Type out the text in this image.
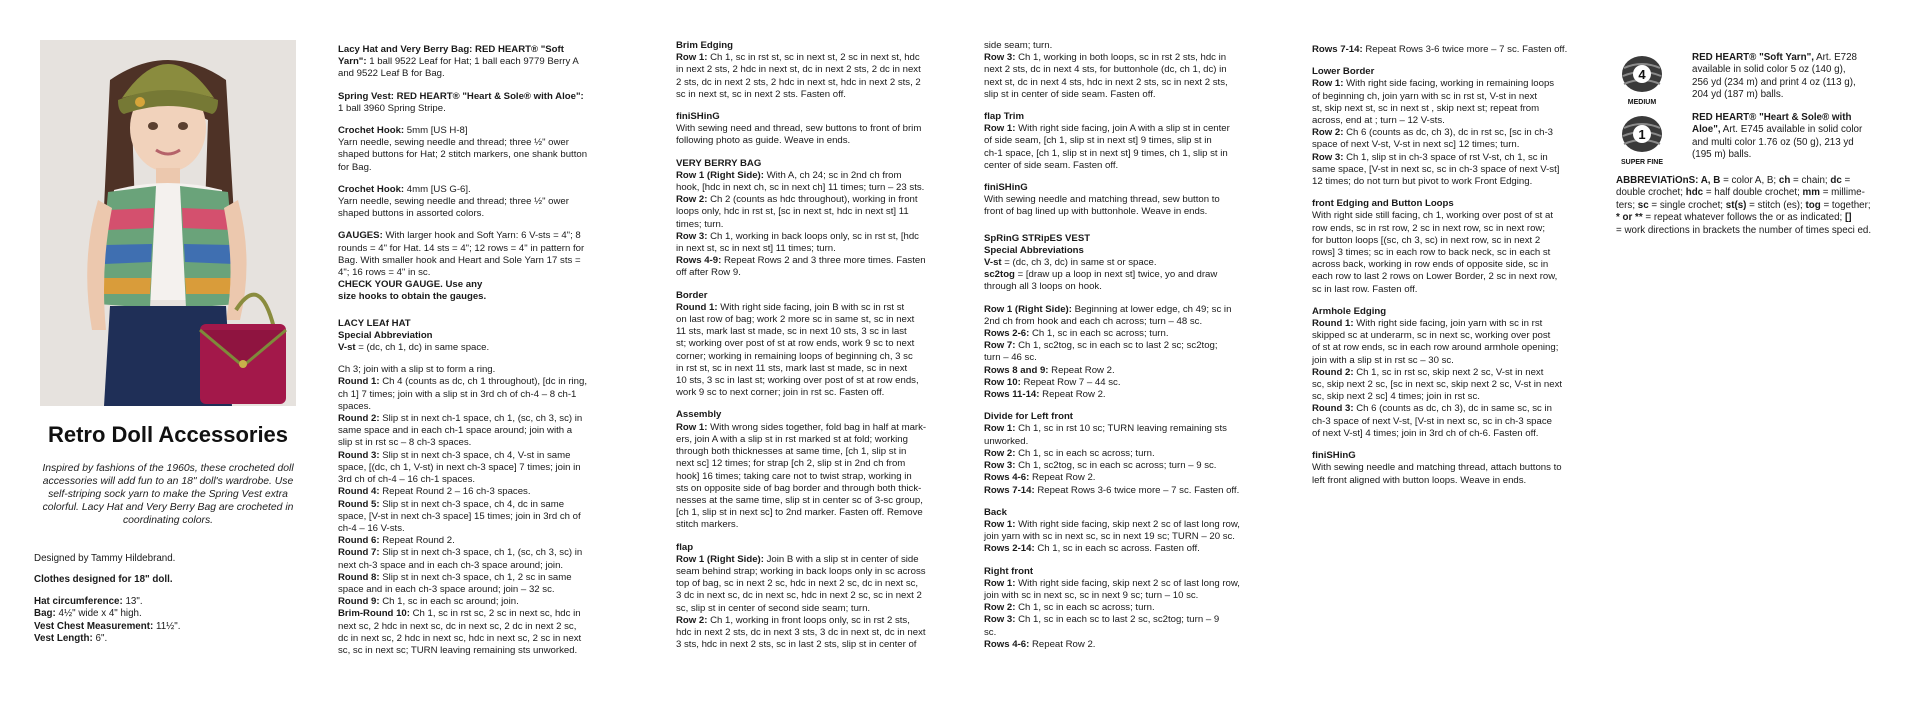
Retro Doll Accessories
Inspired by fashions of the 1960s, these crocheted doll accessories will add fun to an 18" doll's wardrobe. Use self-striping sock yarn to make the Spring Vest extra colorful. Lacy Hat and Very Berry Bag are crocheted in coordinating colors.

Designed by Tammy Hildebrand.

Clothes designed for 18" doll.

Hat circumference: 13".
Bag: 4½" wide x 4" high.
Vest Chest Measurement: 11½".
Vest Length: 6".
Lacy Hat and Very Berry Bag: RED HEART® "Soft
Yarn": 1 ball 9522 Leaf for Hat; 1 ball each 9779 Berry A
and 9522 Leaf B for Bag.
Spring Vest: RED HEART® "Heart & Sole® with Aloe":
1 ball 3960 Spring Stripe.
Crochet Hook: 5mm [US H-8]
Yarn needle, sewing needle and thread; three ½" ower
shaped buttons for Hat; 2 stitch markers, one shank button
for Bag.
Crochet Hook: 4mm [US G-6].
Yarn needle, sewing needle and thread; three ½" ower
shaped buttons in assorted colors.
GAUGES: With larger hook and Soft Yarn: 6 V-sts = 4"; 8
rounds = 4" for Hat. 14 sts = 4"; 12 rows = 4" in pattern for
Bag. With smaller hook and Heart and Sole Yarn 17 sts =
4"; 16 rows = 4" in sc.
CHECK YOUR GAUGE. Use any
size hooks to obtain the gauges.
LACY LEAf HAT
Special Abbreviation
V-st = (dc, ch 1, dc) in same space.
Ch 3; join with a slip st to form a ring.
Round 1: Ch 4 (counts as dc, ch 1 throughout), [dc in ring,
ch 1] 7 times; join with a slip st in 3rd ch of ch-4 – 8 ch-1
spaces.
Round 2: Slip st in next ch-1 space, ch 1, (sc, ch 3, sc) in
same space and in each ch-1 space around; join with a
slip st in rst sc – 8 ch-3 spaces.
Round 3: Slip st in next ch-3 space, ch 4, V-st in same
space, [(dc, ch 1, V-st) in next ch-3 space] 7 times; join in
3rd ch of ch-4 – 16 ch-1 spaces.
Round 4: Repeat Round 2 – 16 ch-3 spaces.
Round 5: Slip st in next ch-3 space, ch 4, dc in same
space, [V-st in next ch-3 space] 15 times; join in 3rd ch of
ch-4 – 16 V-sts.
Round 6: Repeat Round 2.
Round 7: Slip st in next ch-3 space, ch 1, (sc, ch 3, sc) in
next ch-3 space and in each ch-3 space around; join.
Round 8: Slip st in next ch-3 space, ch 1, 2 sc in same
space and in each ch-3 space around; join – 32 sc.
Round 9: Ch 1, sc in each sc around; join.
Brim-Round 10: Ch 1, sc in rst sc, 2 sc in next sc, hdc in
next sc, 2 hdc in next sc, dc in next sc, 2 dc in next 2 sc,
dc in next sc, 2 hdc in next sc, hdc in next sc, 2 sc in next
sc, sc in next sc; TURN leaving remaining sts unworked.
Brim Edging
Row 1: Ch 1, sc in rst st, sc in next st, 2 sc in next st, hdc
in next 2 sts, 2 hdc in next st, dc in next 2 sts, 2 dc in next
2 sts, dc in next 2 sts, 2 hdc in next st, hdc in next 2 sts, 2
sc in next st, sc in next 2 sts. Fasten off.
finiSHinG
With sewing need and thread, sew buttons to front of brim
following photo as guide. Weave in ends.
VERY BERRY BAG
Row 1 (Right Side): With A, ch 24; sc in 2nd ch from
hook, [hdc in next ch, sc in next ch] 11 times; turn – 23 sts.
Row 2: Ch 2 (counts as hdc throughout), working in front
loops only, hdc in rst st, [sc in next st, hdc in next st] 11
times; turn.
Row 3: Ch 1, working in back loops only, sc in rst st, [hdc
in next st, sc in next st] 11 times; turn.
Rows 4-9: Repeat Rows 2 and 3 three more times. Fasten
off after Row 9.
Border
Round 1: With right side facing, join B with sc in rst st
on last row of bag; work 2 more sc in same st, sc in next
11 sts, mark last st made, sc in next 10 sts, 3 sc in last
st; working over post of st at row ends, work 9 sc to next
corner; working in remaining loops of beginning ch, 3 sc
in rst st, sc in next 11 sts, mark last st made, sc in next
10 sts, 3 sc in last st; working over post of st at row ends,
work 9 sc to next corner; join in rst sc. Fasten off.
Assembly
Row 1: With wrong sides together, fold bag in half at mark-
ers, join A with a slip st in rst marked st at fold; working
through both thicknesses at same time, [ch 1, slip st in
next sc] 12 times; for strap [ch 2, slip st in 2nd ch from
hook] 16 times; taking care not to twist strap, working in
sts on opposite side of bag border and through both thick-
nesses at the same time, slip st in center sc of 3-sc group,
[ch 1, slip st in next sc] to 2nd marker. Fasten off. Remove
stitch markers.
flap
Row 1 (Right Side): Join B with a slip st in center of side
seam behind strap; working in back loops only in sc across
top of bag, sc in next 2 sc, hdc in next 2 sc, dc in next sc,
3 dc in next sc, dc in next sc, hdc in next 2 sc, sc in next 2
sc, slip st in center of second side seam; turn.
Row 2: Ch 1, working in front loops only, sc in rst 2 sts,
hdc in next 2 sts, dc in next 3 sts, 3 dc in next st, dc in next
3 sts, hdc in next 2 sts, sc in last 2 sts, slip st in center of
side seam; turn.
Row 3: Ch 1, working in both loops, sc in rst 2 sts, hdc in
next 2 sts, dc in next 4 sts, for buttonhole (dc, ch 1, dc) in
next st, dc in next 4 sts, hdc in next 2 sts, sc in next 2 sts,
slip st in center of side seam. Fasten off.
flap Trim
Row 1: With right side facing, join A with a slip st in center
of side seam, [ch 1, slip st in next st] 9 times, slip st in
ch-1 space, [ch 1, slip st in next st] 9 times, ch 1, slip st in
center of side seam. Fasten off.
finiSHinG
With sewing needle and matching thread, sew button to
front of bag lined up with buttonhole. Weave in ends.
SpRinG STRipES VEST
Special Abbreviations
V-st = (dc, ch 3, dc) in same st or space.
sc2tog = [draw up a loop in next st] twice, yo and draw
through all 3 loops on hook.
Row 1 (Right Side): Beginning at lower edge, ch 49; sc in
2nd ch from hook and each ch across; turn – 48 sc.
Rows 2-6: Ch 1, sc in each sc across; turn.
Row 7: Ch 1, sc2tog, sc in each sc to last 2 sc; sc2tog;
turn – 46 sc.
Rows 8 and 9: Repeat Row 2.
Row 10: Repeat Row 7 – 44 sc.
Rows 11-14: Repeat Row 2.
Divide for Left front
Row 1: Ch 1, sc in rst 10 sc; TURN leaving remaining sts
unworked.
Row 2: Ch 1, sc in each sc across; turn.
Row 3: Ch 1, sc2tog, sc in each sc across; turn – 9 sc.
Rows 4-6: Repeat Row 2.
Rows 7-14: Repeat Rows 3-6 twice more – 7 sc. Fasten off.
Back
Row 1: With right side facing, skip next 2 sc of last long row,
join yarn with sc in next sc, sc in next 19 sc; TURN – 20 sc.
Rows 2-14: Ch 1, sc in each sc across. Fasten off.
Right front
Row 1: With right side facing, skip next 2 sc of last long row,
join with sc in next sc, sc in next 9 sc; turn – 10 sc.
Row 2: Ch 1, sc in each sc across; turn.
Row 3: Ch 1, sc in each sc to last 2 sc, sc2tog; turn – 9
sc.
Rows 4-6: Repeat Row 2.
Rows 7-14: Repeat Rows 3-6 twice more – 7 sc. Fasten off.
Lower Border
Row 1: With right side facing, working in remaining loops
of beginning ch, join yarn with sc in rst st, V-st in next
st, skip next st, sc in next st , skip next st; repeat from
across, end at ; turn – 12 V-sts.
Row 2: Ch 6 (counts as dc, ch 3), dc in rst sc, [sc in ch-3
space of next V-st, V-st in next sc] 12 times; turn.
Row 3: Ch 1, slip st in ch-3 space of rst V-st, ch 1, sc in
same space, [V-st in next sc, sc in ch-3 space of next V-st]
12 times; do not turn but pivot to work Front Edging.
front Edging and Button Loops
With right side still facing, ch 1, working over post of st at
row ends, sc in rst row, 2 sc in next row, sc in next row;
for button loops [(sc, ch 3, sc) in next row, sc in next 2
rows] 3 times; sc in each row to back neck, sc in each st
across back, working in row ends of opposite side, sc in
each row to last 2 rows on Lower Border, 2 sc in next row,
sc in last row. Fasten off.
Armhole Edging
Round 1: With right side facing, join yarn with sc in rst
skipped sc at underarm, sc in next sc, working over post
of st at row ends, sc in each row around armhole opening;
join with a slip st in rst sc – 30 sc.
Round 2: Ch 1, sc in rst sc, skip next 2 sc, V-st in next
sc, skip next 2 sc, [sc in next sc, skip next 2 sc, V-st in next
sc, skip next 2 sc] 4 times; join in rst sc.
Round 3: Ch 6 (counts as dc, ch 3), dc in same sc, sc in
ch-3 space of next V-st, [V-st in next sc, sc in ch-3 space
of next V-st] 4 times; join in 3rd ch of ch-6. Fasten off.
finiSHinG
With sewing needle and matching thread, attach buttons to
left front aligned with button loops. Weave in ends.
4
MEDIUM
1
SUPER FINE
RED HEART® "Soft Yarn", Art. E728
available in solid color 5 oz (140 g),
256 yd (234 m) and print 4 oz (113 g),
204 yd (187 m) balls.
RED HEART® "Heart & Sole® with
Aloe", Art. E745 available in solid color
and multi color 1.76 oz (50 g), 213 yd
(195 m) balls.
ABBREVIATiOnS: A, B = color A, B; ch = chain; dc =
double crochet; hdc = half double crochet; mm = millime-
ters; sc = single crochet; st(s) = stitch (es); tog = together;
* or ** = repeat whatever follows the or as indicated; []
= work directions in brackets the number of times speci ed.
